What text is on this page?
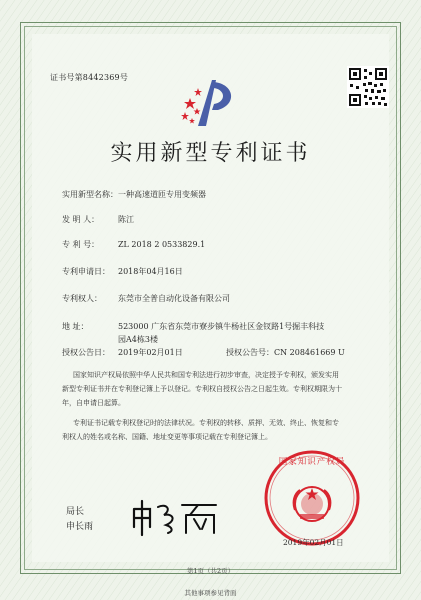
证书号第8442369号
实用新型专利证书
实用新型名称：一种高速道匝专用变频器
发 明 人： 陈江
专 利 号： ZL 2018 2 0533829.1
专利申请日： 2018年04月16日
专利权人： 东莞市全普自动化设备有限公司
地 址：	523000 广东省东莞市寮步镇牛杨社区金钗路1号掘丰科技
园A4栋3楼
授权公告日： 2019年02月01日	授权公告号：CN 208461669 U
国家知识产权局依照中华人民共和国专利法进行初步审查，决定授予专利权，颁发实用
新型专利证书并在专利登记簿上予以登记。专利权自授权公告之日起生效。专利权期限为十
年，自申请日起算。
专利证书记载专利权登记时的法律状况。专利权的转移、质押、无效、终止、恢复和专
利权人的姓名或名称、国籍、地址变更等事项记载在专利登记簿上。
局长
申长雨
国家知识产权局
2019年02月01日
第1页（共2页）
其他事项参见背面
